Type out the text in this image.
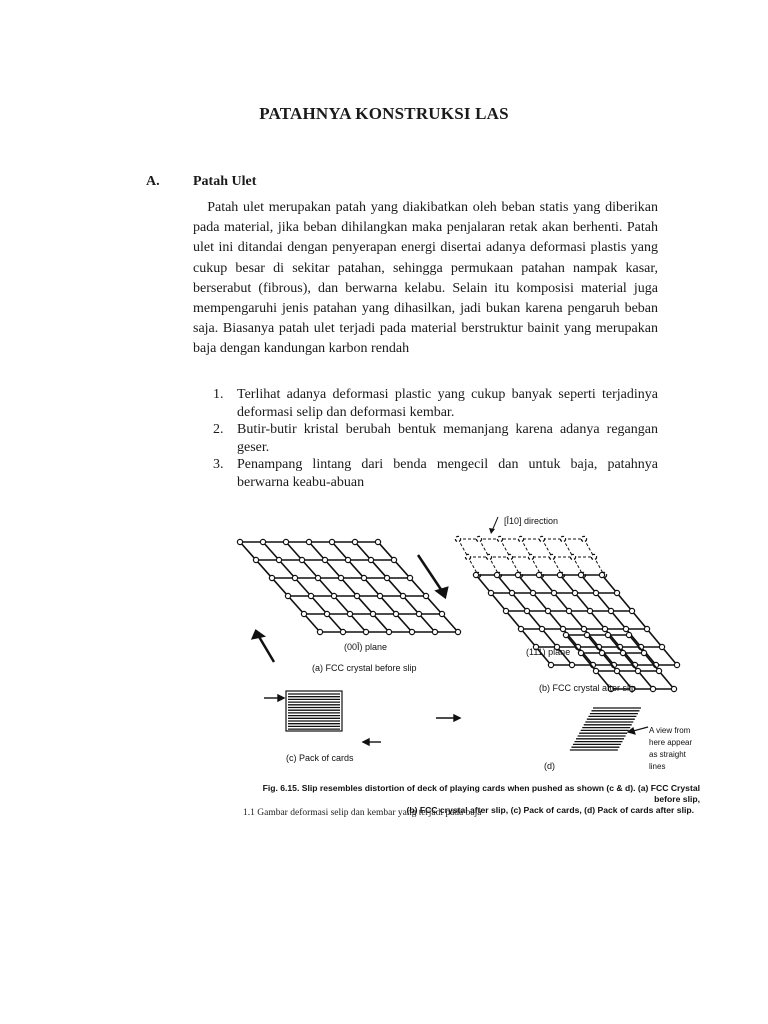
PATAHNYA KONSTRUKSI LAS
A. Patah Ulet
Patah ulet merupakan patah yang diakibatkan oleh beban statis yang diberikan pada material, jika beban dihilangkan maka penjalaran retak akan berhenti. Patah ulet ini ditandai dengan penyerapan energi disertai adanya deformasi plastis yang cukup besar di sekitar patahan, sehingga permukaan patahan nampak kasar, berserabut (fibrous), dan berwarna kelabu. Selain itu komposisi material juga mempengaruhi jenis patahan yang dihasilkan, jadi bukan karena pengaruh beban saja. Biasanya patah ulet terjadi pada material berstruktur bainit yang merupakan baja dengan kandungan karbon rendah
1. Terlihat adanya deformasi plastic yang cukup banyak seperti terjadinya deformasi selip dan deformasi kembar.
2. Butir-butir kristal berubah bentuk memanjang karena adanya regangan geser.
3. Penampang lintang dari benda mengecil dan untuk baja, patahnya berwarna keabu-abuan
(00Ī) plane
(a) FCC crystal before slip
[Ī10] direction
(111) plane
(b) FCC crystal after slip
(c) Pack of cards
A view from
here appear
as straight
lines
(d)
Fig. 6.15. Slip resembles distortion of deck of playing cards when pushed as shown (c & d). (a) FCC Crystal before slip,
(b) FCC crystal after slip, (c) Pack of cards, (d) Pack of cards after slip.
1.1 Gambar deformasi selip dan kembar yang terjadi pada baja
